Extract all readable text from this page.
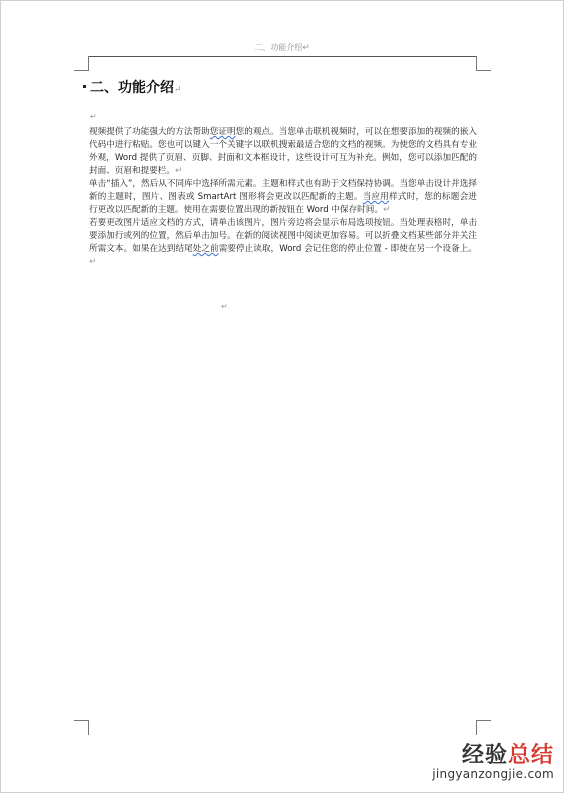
二、功能介绍↵
二、功能介绍↵
↵

视频提供了功能强大的方法帮助您证明您的观点。当您单击联机视频时，可以在想要添加的视频的嵌入代码中进行粘贴。您也可以键入一个关键字以联机搜索最适合您的文档的视频。为使您的文档具有专业外观，Word 提供了页眉、页脚、封面和文本框设计，这些设计可互为补充。例如，您可以添加匹配的封面、页眉和提要栏。↵

单击“插入”，然后从不同库中选择所需元素。主题和样式也有助于文档保持协调。当您单击设计并选择新的主题时，图片、图表或 SmartArt 图形将会更改以匹配新的主题。当应用样式时，您的标题会进行更改以匹配新的主题。使用在需要位置出现的新按钮在 Word 中保存时间。↵

若要更改图片适应文档的方式，请单击该图片，图片旁边将会显示布局选项按钮。当处理表格时，单击要添加行或列的位置，然后单击加号。在新的阅读视图中阅读更加容易。可以折叠文档某些部分并关注所需文本。如果在达到结尾处之前需要停止读取，Word 会记住您的停止位置 - 即使在另一个设备上。↵

↵
经验总结
jingyanzongjie.com
